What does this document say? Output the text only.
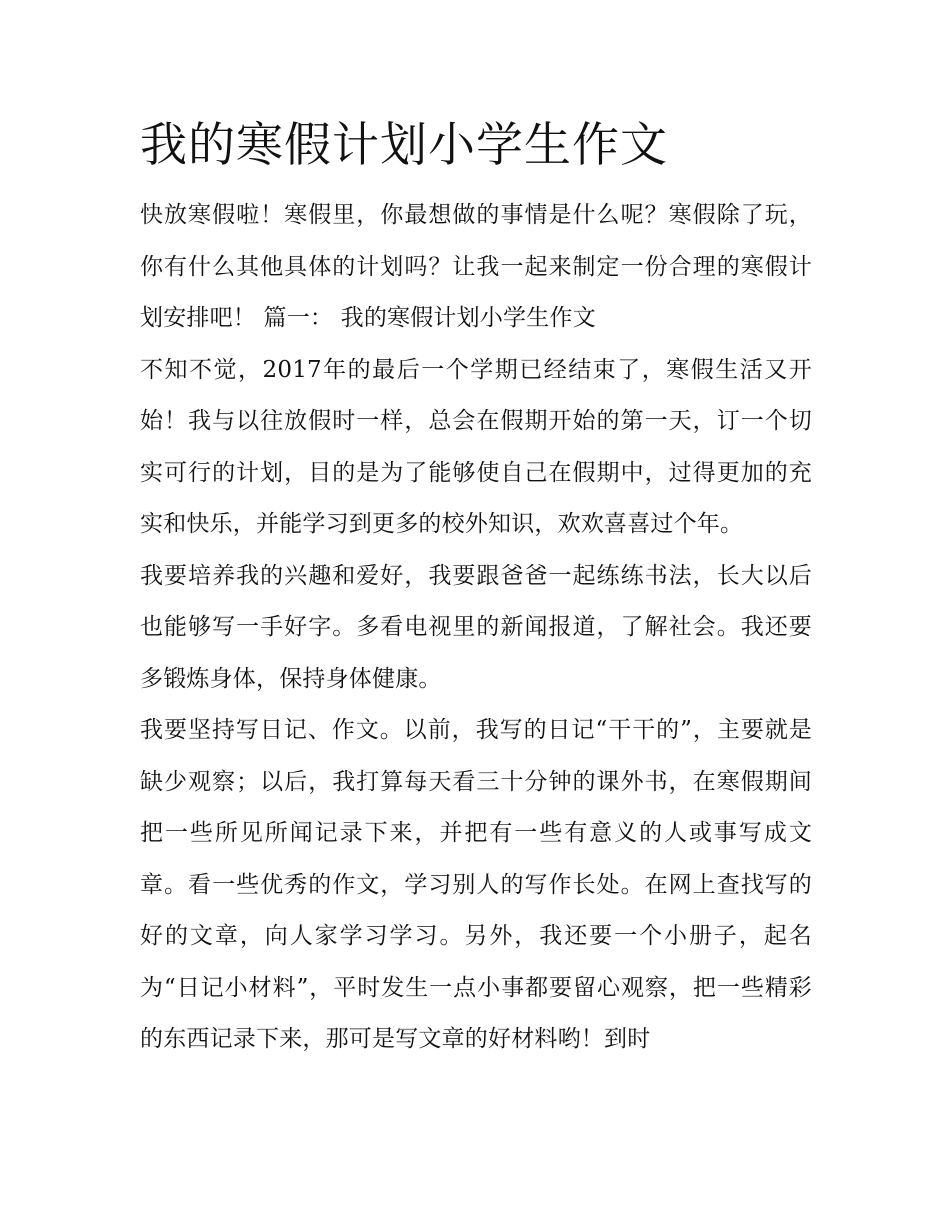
我的寒假计划小学生作文

快放寒假啦！寒假里，你最想做的事情是什么呢？寒假除了玩，你有什么其他具体的计划吗？让我一起来制定一份合理的寒假计划安排吧！ 篇一： 我的寒假计划小学生作文

不知不觉，2017年的最后一个学期已经结束了，寒假生活又开始！我与以往放假时一样，总会在假期开始的第一天，订一个切实可行的计划，目的是为了能够使自己在假期中，过得更加的充实和快乐，并能学习到更多的校外知识，欢欢喜喜过个年。

我要培养我的兴趣和爱好，我要跟爸爸一起练练书法，长大以后也能够写一手好字。多看电视里的新闻报道，了解社会。我还要多锻炼身体，保持身体健康。

我要坚持写日记、作文。以前，我写的日记“干干的”，主要就是缺少观察；以后，我打算每天看三十分钟的课外书，在寒假期间把一些所见所闻记录下来，并把有一些有意义的人或事写成文章。看一些优秀的作文，学习别人的写作长处。在网上查找写的好的文章，向人家学习学习。另外，我还要一个小册子，起名为“日记小材料”，平时发生一点小事都要留心观察，把一些精彩的东西记录下来，那可是写文章的好材料哟！到时
